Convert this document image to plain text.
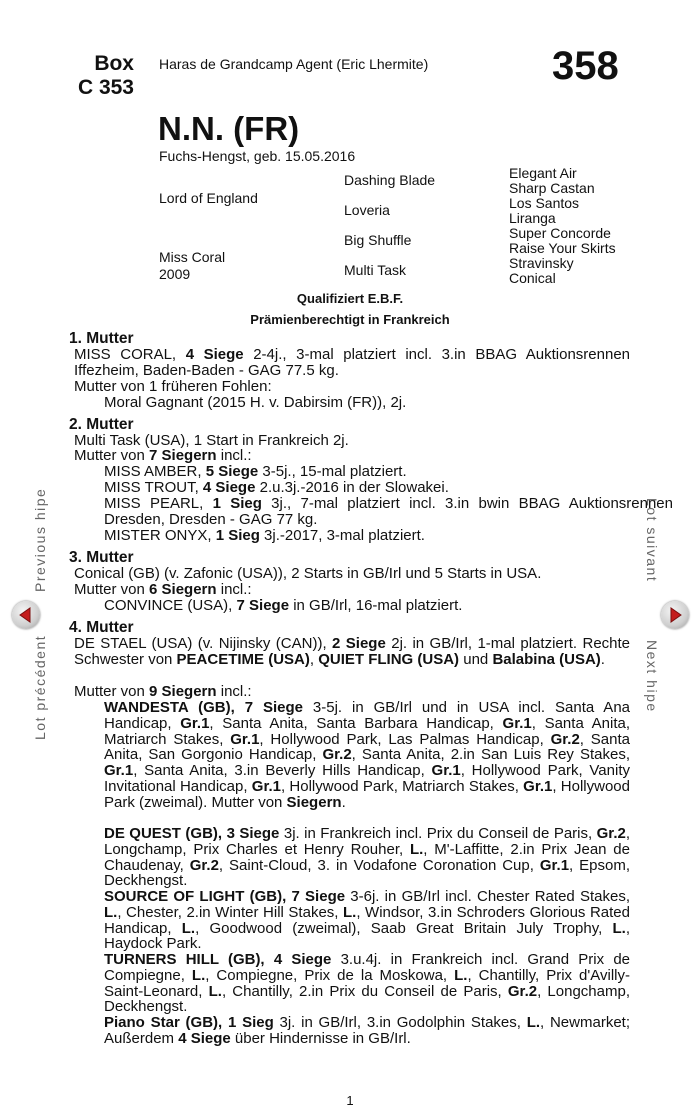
Box
C 353
Haras de Grandcamp Agent (Eric Lhermite)	358
N.N. (FR)
Fuchs-Hengst, geb. 15.05.2016
Lord of England
Miss Coral
2009
Dashing Blade
Loveria
Big Shuffle
Multi Task
Elegant Air
Sharp Castan
Los Santos
Liranga
Super Concorde
Raise Your Skirts
Stravinsky
Conical
Qualifiziert E.B.F.
Prämienberechtigt in Frankreich
1. Mutter
MISS CORAL, 4 Siege 2-4j., 3-mal platziert incl. 3.in BBAG Auktionsrennen Iffezheim, Baden-Baden - GAG 77.5 kg.
Mutter von 1 früheren Fohlen:
Moral Gagnant (2015 H. v. Dabirsim (FR)), 2j.
2. Mutter
Multi Task (USA), 1 Start in Frankreich 2j.
Mutter von 7 Siegern incl.:
MISS AMBER, 5 Siege 3-5j., 15-mal platziert.
MISS TROUT, 4 Siege 2.u.3j.-2016 in der Slowakei.
MISS PEARL, 1 Sieg 3j., 7-mal platziert incl. 3.in bwin BBAG Auktionsrennen Dresden, Dresden - GAG 77 kg.
MISTER ONYX, 1 Sieg 3j.-2017, 3-mal platziert.
3. Mutter
Conical (GB) (v. Zafonic (USA)), 2 Starts in GB/Irl und 5 Starts in USA.
Mutter von 6 Siegern incl.:
CONVINCE (USA), 7 Siege in GB/Irl, 16-mal platziert.
4. Mutter
DE STAEL (USA) (v. Nijinsky (CAN)), 2 Siege 2j. in GB/Irl, 1-mal platziert. Rechte Schwester von PEACETIME (USA), QUIET FLING (USA) und Balabina (USA).
Mutter von 9 Siegern incl.:
WANDESTA (GB), 7 Siege 3-5j. in GB/Irl und in USA incl. Santa Ana Handicap, Gr.1, Santa Anita, Santa Barbara Handicap, Gr.1, Santa Anita, Matriarch Stakes, Gr.1, Hollywood Park, Las Palmas Handicap, Gr.2, Santa Anita, San Gorgonio Handicap, Gr.2, Santa Anita, 2.in San Luis Rey Stakes, Gr.1, Santa Anita, 3.in Beverly Hills Handicap, Gr.1, Hollywood Park, Vanity Invitational Handicap, Gr.1, Hollywood Park, Matriarch Stakes, Gr.1, Hollywood Park (zweimal). Mutter von Siegern.
DE QUEST (GB), 3 Siege 3j. in Frankreich incl. Prix du Conseil de Paris, Gr.2, Longchamp, Prix Charles et Henry Rouher, L., M'-Laffitte, 2.in Prix Jean de Chaudenay, Gr.2, Saint-Cloud, 3. in Vodafone Coronation Cup, Gr.1, Epsom, Deckhengst.
SOURCE OF LIGHT (GB), 7 Siege 3-6j. in GB/Irl incl. Chester Rated Stakes, L., Chester, 2.in Winter Hill Stakes, L., Windsor, 3.in Schroders Glorious Rated Handicap, L., Goodwood (zweimal), Saab Great Britain July Trophy, L., Haydock Park.
TURNERS HILL (GB), 4 Siege 3.u.4j. in Frankreich incl. Grand Prix de Compiegne, L., Compiegne, Prix de la Moskowa, L., Chantilly, Prix d'Avilly-Saint-Leonard, L., Chantilly, 2.in Prix du Conseil de Paris, Gr.2, Longchamp, Deckhengst.
Piano Star (GB), 1 Sieg 3j. in GB/Irl, 3.in Godolphin Stakes, L., Newmarket; Außerdem 4 Siege über Hindernisse in GB/Irl.
Previous hipe
Lot précédent
Lot suivant
Next hipe
1
